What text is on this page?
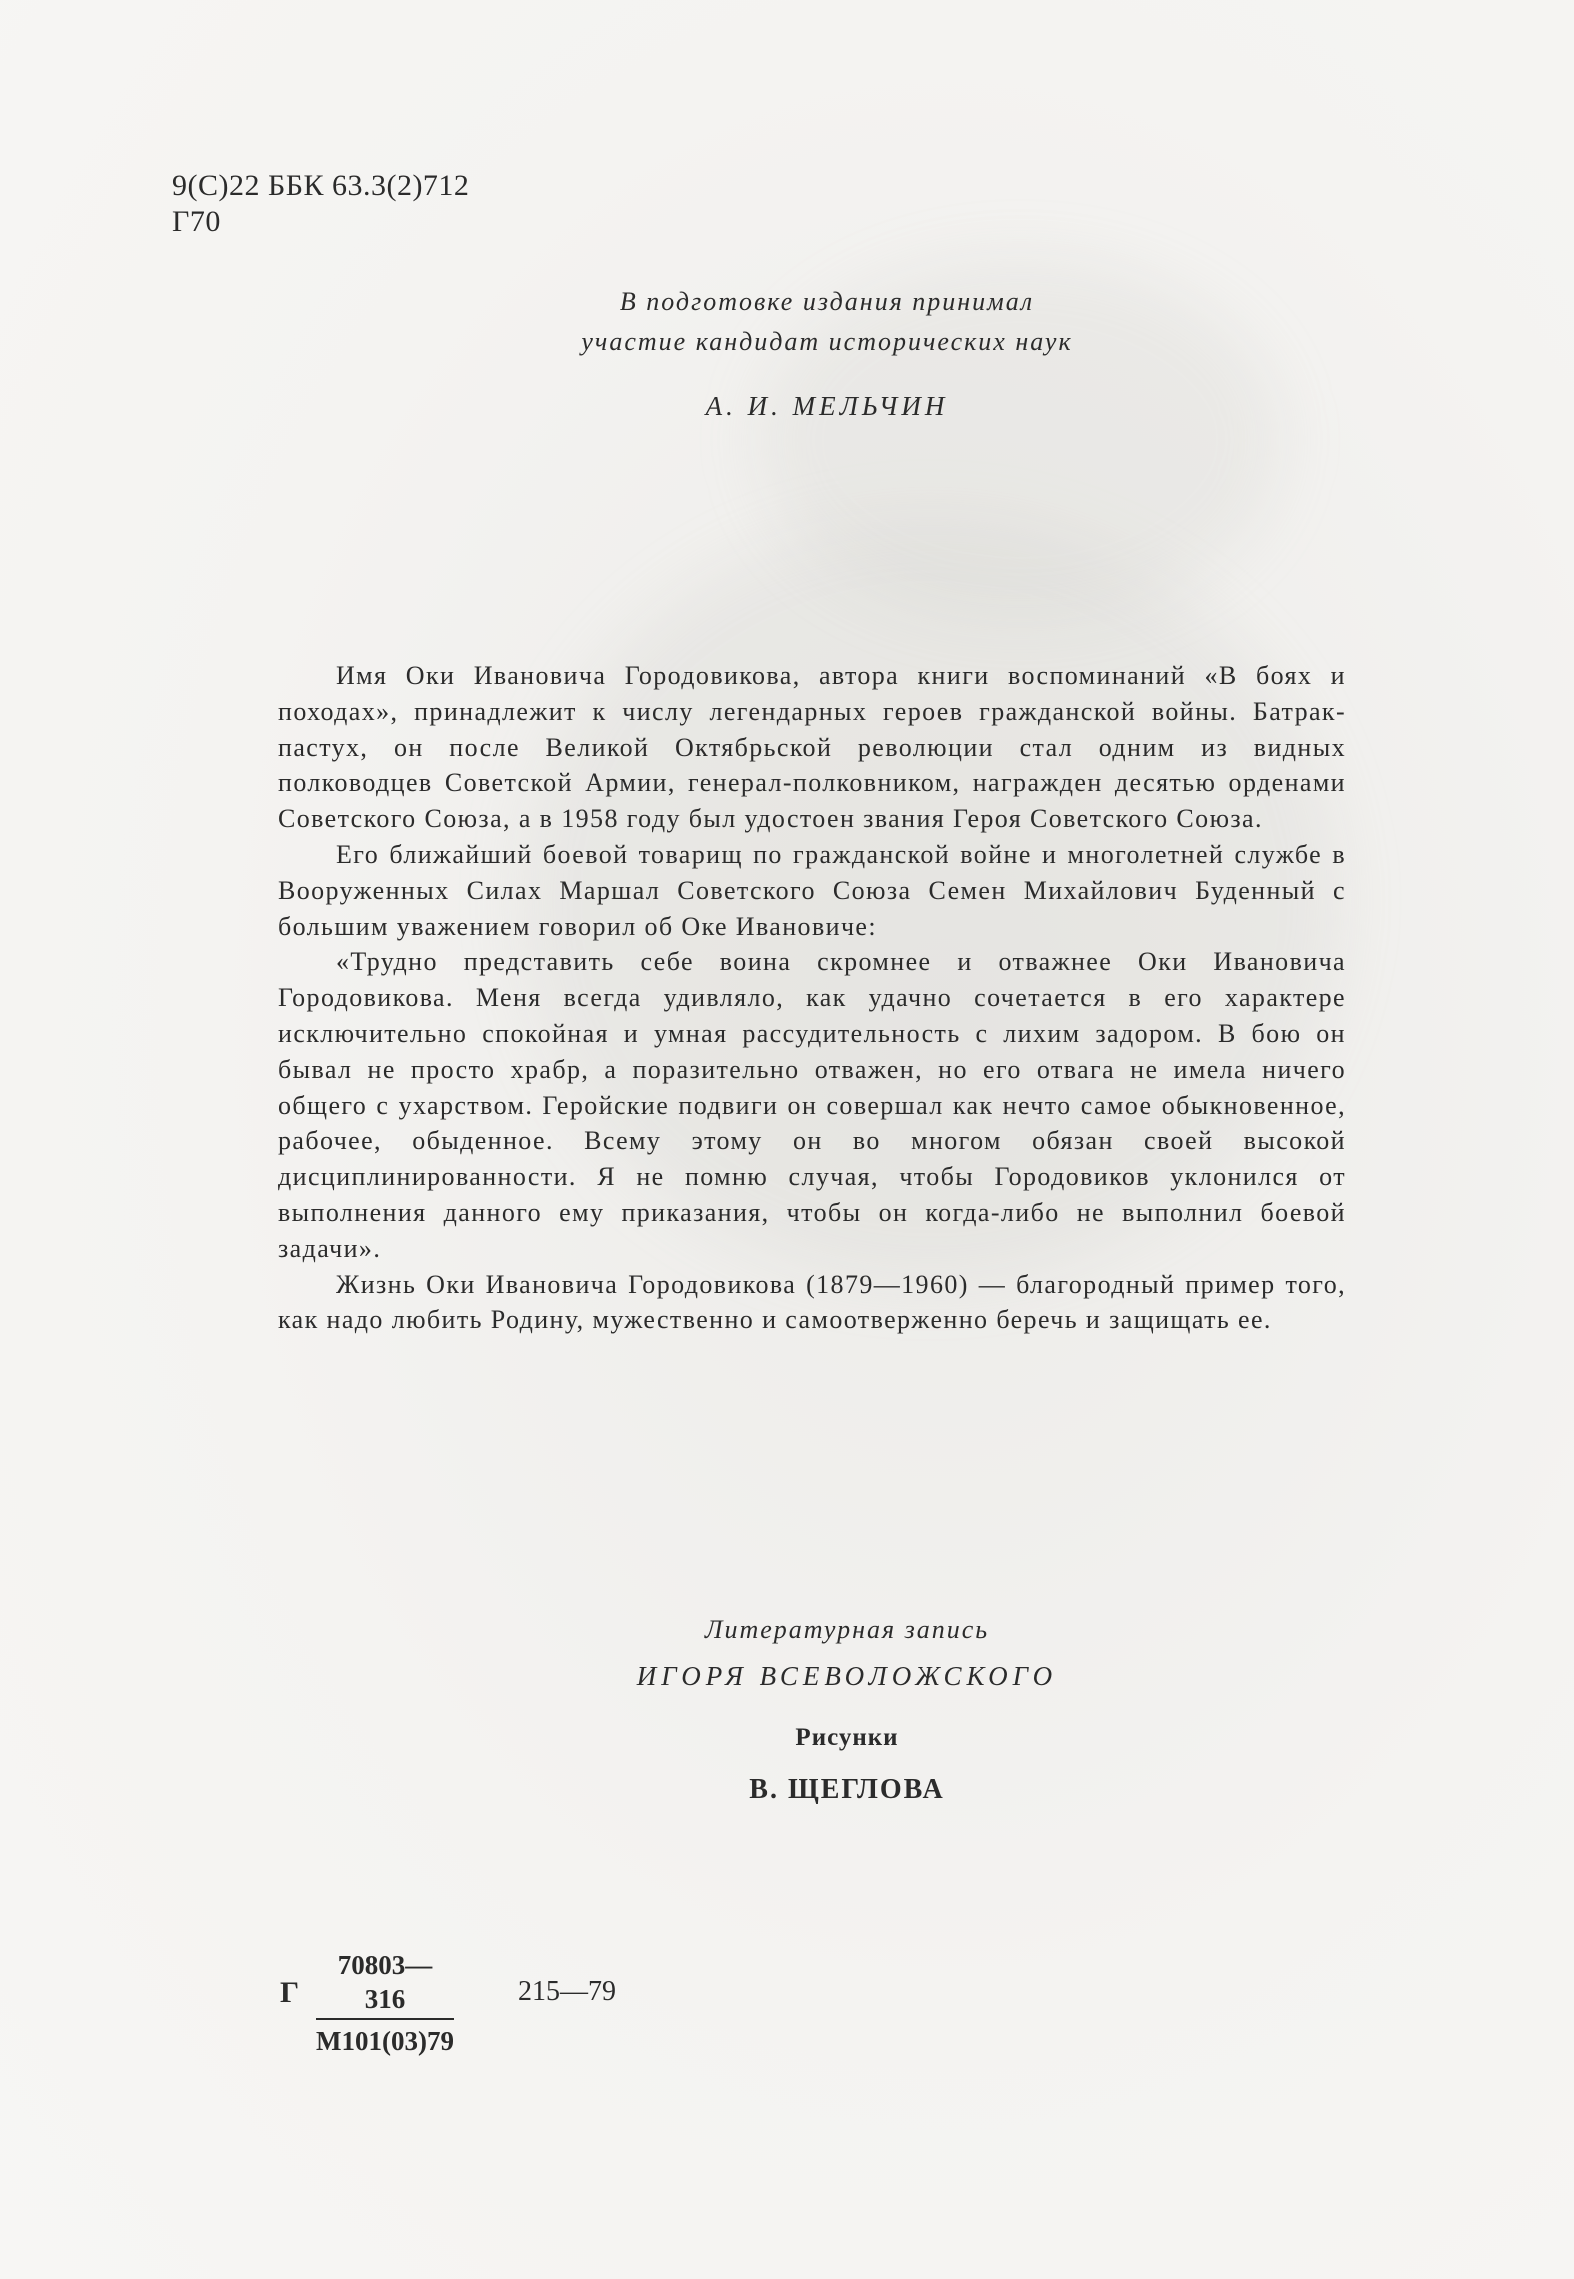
9(С)22 ББК 63.3(2)712
Г70
В подготовке издания принимал
участие кандидат исторических наук
А. И. МЕЛЬЧИН

Имя Оки Ивановича Городовикова, автора книги воспоминаний «В боях и походах», принадлежит к числу легендарных героев гражданской войны. Батрак-пастух, он после Великой Октябрьской революции стал одним из видных полководцев Советской Армии, генерал-полковником, награжден десятью орденами Советского Союза, а в 1958 году был удостоен звания Героя Советского Союза.

Его ближайший боевой товарищ по гражданской войне и многолетней службе в Вооруженных Силах Маршал Советского Союза Семен Михайлович Буденный с большим уважением говорил об Оке Ивановиче:

«Трудно представить себе воина скромнее и отважнее Оки Ивановича Городовикова. Меня всегда удивляло, как удачно сочетается в его характере исключительно спокойная и умная рассудительность с лихим задором. В бою он бывал не просто храбр, а поразительно отважен, но его отвага не имела ничего общего с ухарством. Геройские подвиги он совершал как нечто самое обыкновенное, рабочее, обыденное. Всему этому он во многом обязан своей высокой дисциплинированности. Я не помню случая, чтобы Городовиков уклонился от выполнения данного ему приказания, чтобы он когда-либо не выполнил боевой задачи».

Жизнь Оки Ивановича Городовикова (1879—1960) — благородный пример того, как надо любить Родину, мужественно и самоотверженно беречь и защищать ее.

Литературная запись
ИГОРЯ ВСЕВОЛОЖСКОГО
Рисунки
В. ЩЕГЛОВА
Г
70803—316
М101(03)79
215—79
